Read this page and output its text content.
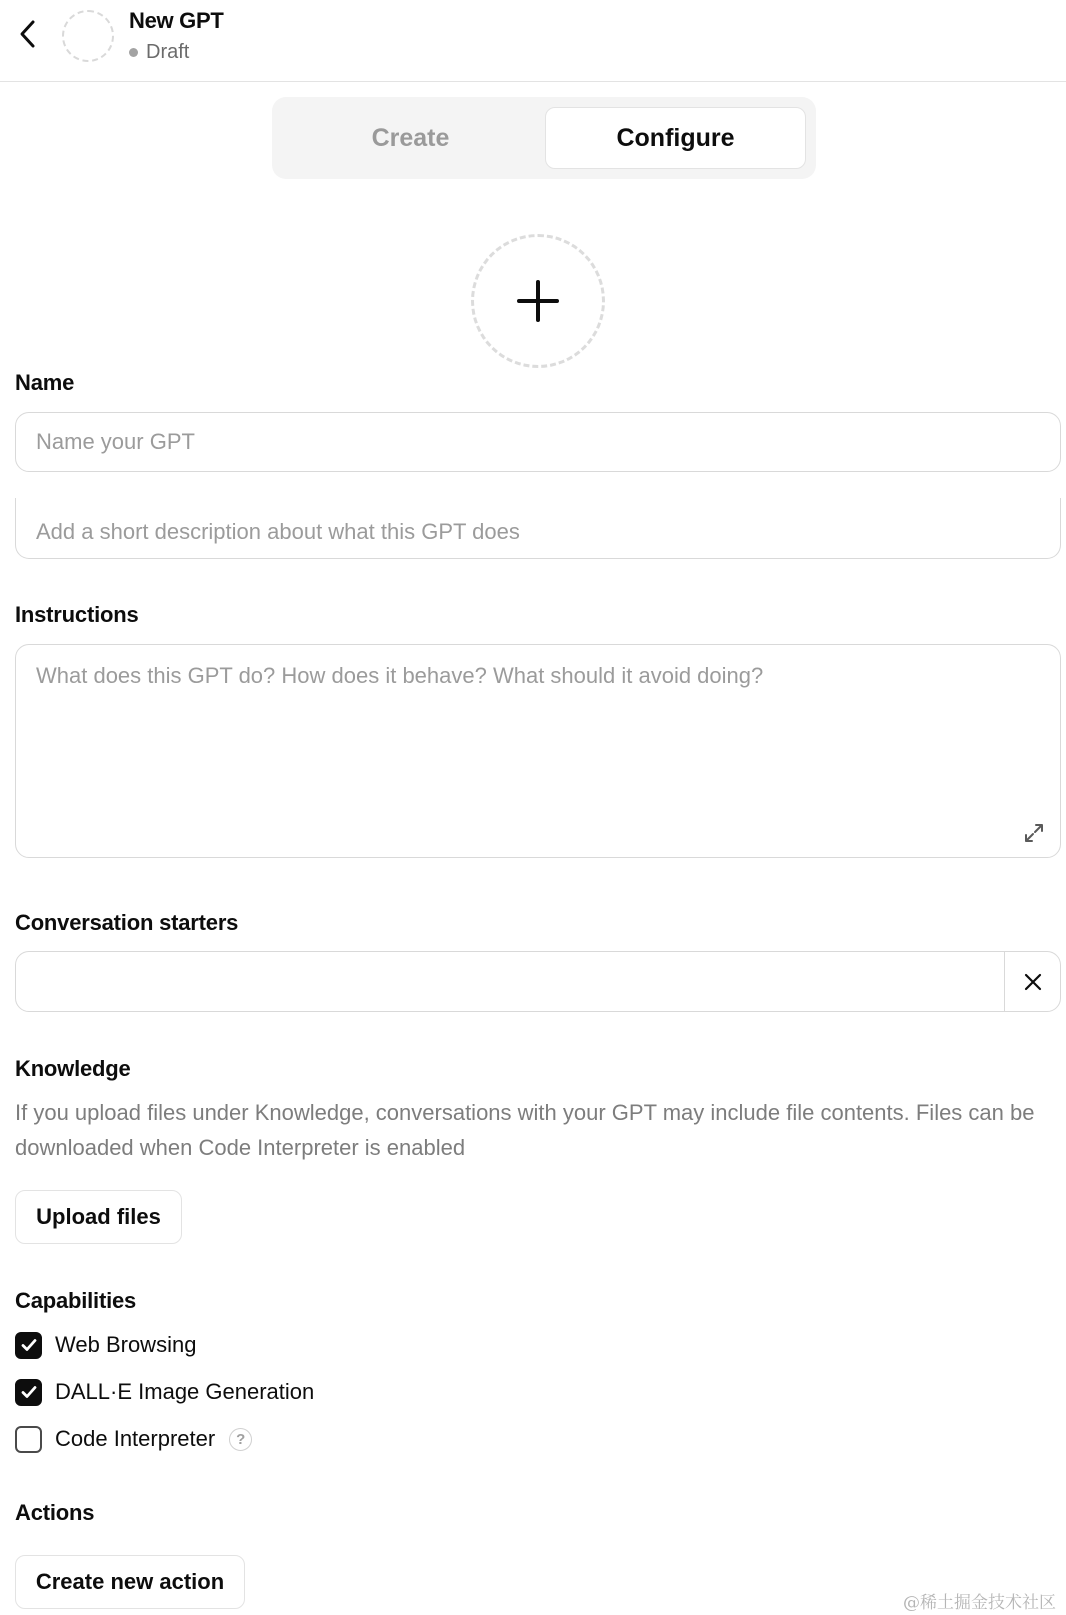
New GPT
Draft
Create	Configure
Name
Name your GPT
Add a short description about what this GPT does
Instructions
What does this GPT do? How does it behave? What should it avoid doing?
Conversation starters
Knowledge
If you upload files under Knowledge, conversations with your GPT may include file contents. Files can be downloaded when Code Interpreter is enabled
Upload files
Capabilities
Web Browsing
DALL·E Image Generation
Code Interpreter	?
Actions
Create new action
@稀土掘金技术社区
